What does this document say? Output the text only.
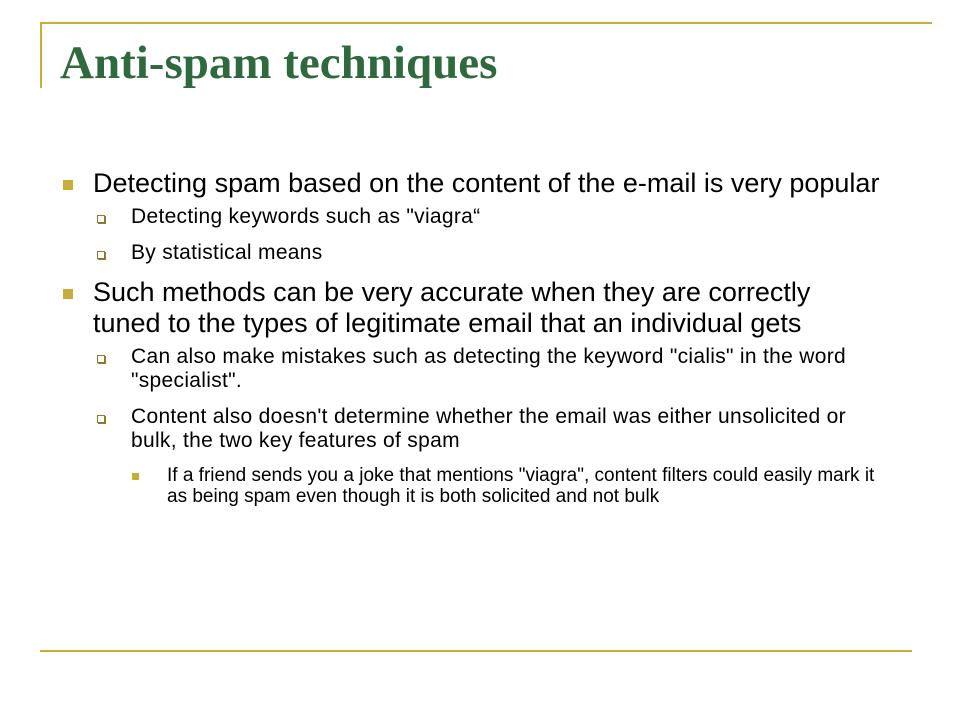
Anti-spam techniques
Detecting spam based on the content of the e-mail is very popular
Detecting keywords such as "viagra“
By statistical means
Such methods can be very accurate when they are correctly tuned to the types of legitimate email that an individual gets
Can also make mistakes such as detecting the keyword "cialis" in the word "specialist".
Content also doesn't determine whether the email was either unsolicited or bulk, the two key features of spam
If a friend sends you a joke that mentions "viagra", content filters could easily mark it as being spam even though it is both solicited and not bulk
